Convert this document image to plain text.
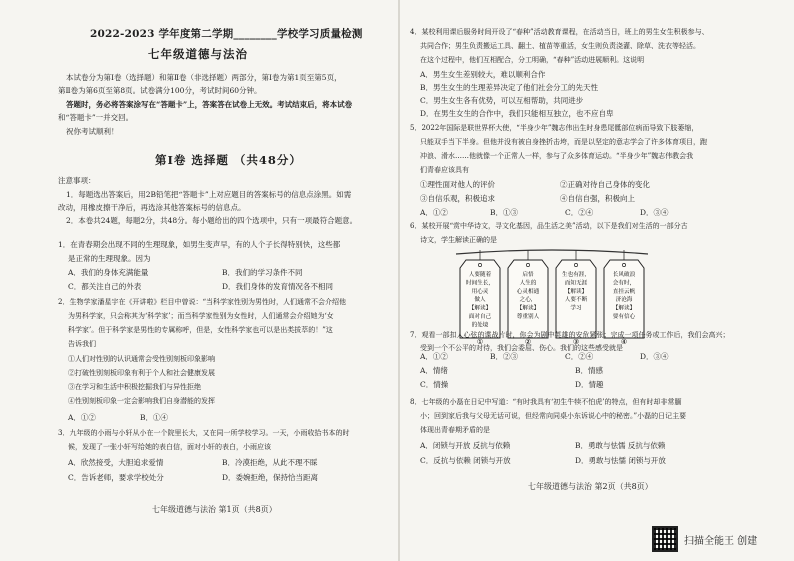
2022-2023 学年度第二学期________学校学习质量检测
七年级道德与法治
本试卷分为第Ⅰ卷（选择题）和第Ⅱ卷（非选择题）两部分，第Ⅰ卷为第1页至第5页，
第Ⅱ卷为第6页至第8页。试卷满分100分，考试时间60分钟。
答题时，务必将答案涂写在“答题卡”上，答案答在试卷上无效。考试结束后，将本试卷
和“答题卡”一并交回。
祝你考试顺利！
第Ⅰ卷 选择题 （共48分）
注意事项：
1．每题选出答案后，用2B铅笔把“答题卡”上对应题目的答案标号的信息点涂黑。如需
改动，用橡皮擦干净后，再选涂其他答案标号的信息点。
2．本卷共24题，每题2分，共48分。每小题给出的四个选项中，只有一项最符合题意。
1．在青春期会出现不同的生理现象，如男生变声早，有的人个子长得特别快，这些都
是正常的生理现象。因为
A．我们的身体充满能量	B．我们的学习条件不同
C．都关注自己的外表	D．我们身体的发育情况各不相同
2．生物学家潘星宇在《开讲啦》栏目中曾说：“当科学家性别为男性时，人们通常不会介绍他
为男科学家，只会称其为‘科学家’；而当科学家性别为女性时，人们通常会介绍她为‘女
科学家’。但于科学家是男性的专属称呼，但是，女性科学家也可以是出类拔萃的！”这
告诉我们
①人们对性别的认识通常会受性别刻板印象影响
②打破性别刻板印象有利于个人和社会健康发展
③在学习和生活中积极挖掘我们与异性拒绝
④性别刻板印象一定会影响我们自身潜能的发挥
A．①②	B．①④
3．九年级的小雨与小轩从小在一个院里长大，又在同一所学校学习。一天，小雨收拾书本的时
候，发现了一张小轩写给她的表白信，面对小轩的表白，小雨应该
A．欣然接受，大胆追求爱情	B．冷漠拒绝，从此不理不睬
C．告诉老师，要求学校处分	D．委婉拒绝，保持恰当距离
七年级道德与法治 第1页（共8页）
4．某校利用课后服务时间开设了“春种”活动教育课程，在活动当日，班上的男生女生积极参与、
共同合作；男生负责搬运工具、翻土、植苗等重活，女生则负责浇灌、除草、洗衣等轻活。
在这个过程中，他们互相配合，分工明确，“春种”活动进展顺利。这说明
A．男生女生差别较大，难以顺利合作
B．男生女生的生理差异决定了他们社会分工的先天性
C．男生女生各有优势，可以互相帮助，共同进步
D．在男生女生的合作中，我们只能相互独立，也不应自卑
5．2022年国际是联世界杯大使，“半身少年”魏志伟出生时身患尾骶部位病而导致下肢萎缩，
只能双手当下半身。但他并没有被自身挫折击垮，而是以坚定的意志学会了许多体育项目，跑
冲浪、滑水……他就像一个正常人一样，参与了众多体育运动。“半身少年”魏志伟教会我
们青春应该具有
①理性面对他人的评价	②正确对待自己身体的变化
③自信乐观，积极追求	④自信自强，积极向上
A．①②	B．①③	C．②④	D．③④
6．某校开展“赏中华诗文，寻文化基因，品生活之美”活动，以下是我们对生活的一部分古
诗文，学生解读正确的是
①
人要随着
时间生长，
用心灵
做人
【解读】
面对自己
的处境
②
启悟
人生的
心灵相通
之心，
【解读】
尊重别人
③
生也有涯，
而知无涯
【解读】
人要不断
学习
④
长风破浪
会有时，
直挂云帆
济沧海
【解读】
要有信心
A．①②	B．②③	C．②④	D．③④
7．观看一部扣人心弦的谍战片时，你会为剧中英雄的安危紧张；完成一项任务或工作后，我们会高兴；
受到一个不公平的对待，我们会委屈、伤心。我们的这些感受就是
A．情绪	B．情感
C．情操	D．情趣
8．七年级的小磊在日记中写道：“有时我具有‘初生牛犊不怕虎’的特点，但有时却非常腼
小；回到家后我与父母无话可说，但经常向同桌小东诉说心中的秘密。”小磊的日记主要
体现出青春期矛盾的是
A．闭锁与开放 反抗与依赖	B．勇敢与怯懦 反抗与依赖
C．反抗与依赖 闭锁与开放	D．勇敢与怯懦 闭锁与开放
七年级道德与法治 第2页（共8页）
扫描全能王 创建
